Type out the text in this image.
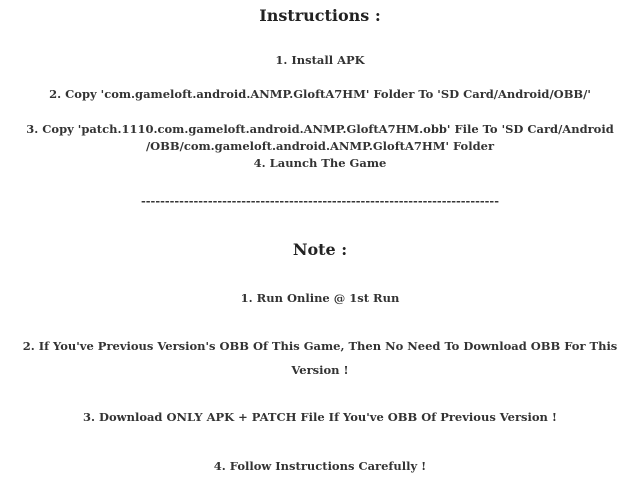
Instructions :
1. Install APK
2. Copy 'com.gameloft.android.ANMP.GloftA7HM' Folder To 'SD Card/Android/OBB/'
3. Copy 'patch.1110.com.gameloft.android.ANMP.GloftA7HM.obb' File To 'SD Card/Android
/OBB/com.gameloft.android.ANMP.GloftA7HM' Folder
4. Launch The Game
---------------------------------------------------------------------------
Note :
1. Run Online @ 1st Run
2. If You've Previous Version's OBB Of This Game, Then No Need To Download OBB For This
Version !
3. Download ONLY APK + PATCH File If You've OBB Of Previous Version !
4. Follow Instructions Carefully !
